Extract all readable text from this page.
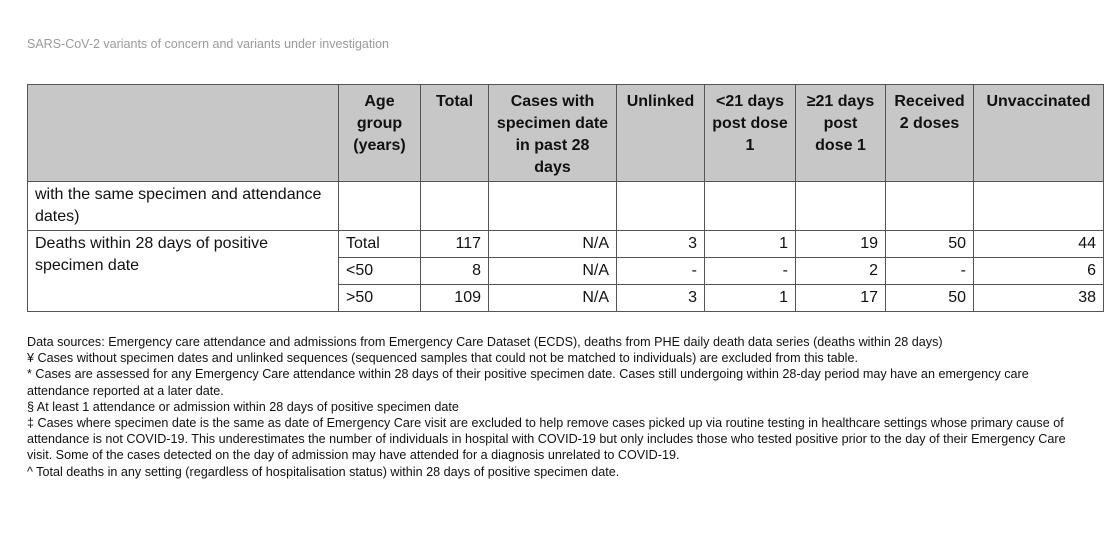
SARS-CoV-2 variants of concern and variants under investigation
	Age group (years)	Total	Cases with specimen date in past 28 days	Unlinked	<21 days post dose 1	≥21 days post dose 1	Received 2 doses	Unvaccinated
with the same specimen and attendance dates)								
Deaths within 28 days of positive specimen date	Total	117	N/A	3	1	19	50	44
	<50	8	N/A	-	-	2	-	6
	>50	109	N/A	3	1	17	50	38
Data sources: Emergency care attendance and admissions from Emergency Care Dataset (ECDS), deaths from PHE daily death data series (deaths within 28 days)
¥ Cases without specimen dates and unlinked sequences (sequenced samples that could not be matched to individuals) are excluded from this table.
* Cases are assessed for any Emergency Care attendance within 28 days of their positive specimen date. Cases still undergoing within 28-day period may have an emergency care attendance reported at a later date.
§ At least 1 attendance or admission within 28 days of positive specimen date
‡ Cases where specimen date is the same as date of Emergency Care visit are excluded to help remove cases picked up via routine testing in healthcare settings whose primary cause of attendance is not COVID-19. This underestimates the number of individuals in hospital with COVID-19 but only includes those who tested positive prior to the day of their Emergency Care visit. Some of the cases detected on the day of admission may have attended for a diagnosis unrelated to COVID-19.
^ Total deaths in any setting (regardless of hospitalisation status) within 28 days of positive specimen date.
